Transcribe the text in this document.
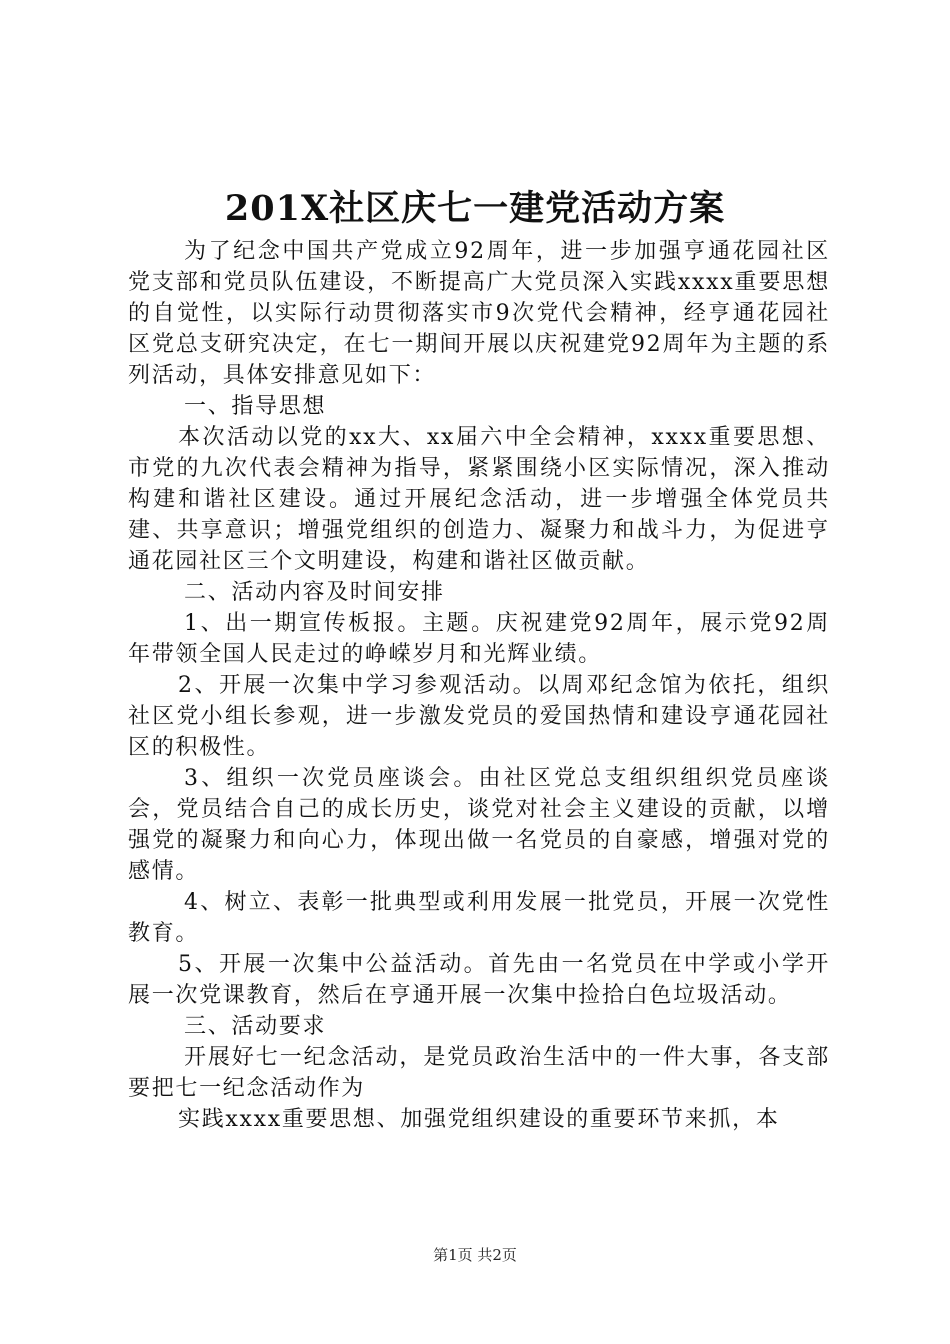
201X社区庆七一建党活动方案

为了纪念中国共产党成立92周年，进一步加强亨通花园社区党支部和党员队伍建设，不断提高广大党员深入实践xxxx重要思想的自觉性，以实际行动贯彻落实市9次党代会精神，经亨通花园社区党总支研究决定，在七一期间开展以庆祝建党92周年为主题的系列活动，具体安排意见如下：

一、指导思想

本次活动以党的xx大、xx届六中全会精神，xxxx重要思想、市党的九次代表会精神为指导，紧紧围绕小区实际情况，深入推动构建和谐社区建设。通过开展纪念活动，进一步增强全体党员共建、共享意识；增强党组织的创造力、凝聚力和战斗力，为促进亨通花园社区三个文明建设，构建和谐社区做贡献。

二、活动内容及时间安排

1、出一期宣传板报。主题。庆祝建党92周年，展示党92周年带领全国人民走过的峥嵘岁月和光辉业绩。

2、开展一次集中学习参观活动。以周邓纪念馆为依托，组织社区党小组长参观，进一步激发党员的爱国热情和建设亨通花园社区的积极性。

3、组织一次党员座谈会。由社区党总支组织组织党员座谈会，党员结合自己的成长历史，谈党对社会主义建设的贡献，以增强党的凝聚力和向心力，体现出做一名党员的自豪感，增强对党的感情。

4、树立、表彰一批典型或利用发展一批党员，开展一次党性教育。

5、开展一次集中公益活动。首先由一名党员在中学或小学开展一次党课教育，然后在亨通开展一次集中捡拾白色垃圾活动。

三、活动要求

开展好七一纪念活动，是党员政治生活中的一件大事，各支部要把七一纪念活动作为

实践xxxx重要思想、加强党组织建设的重要环节来抓，本

第1页 共2页
